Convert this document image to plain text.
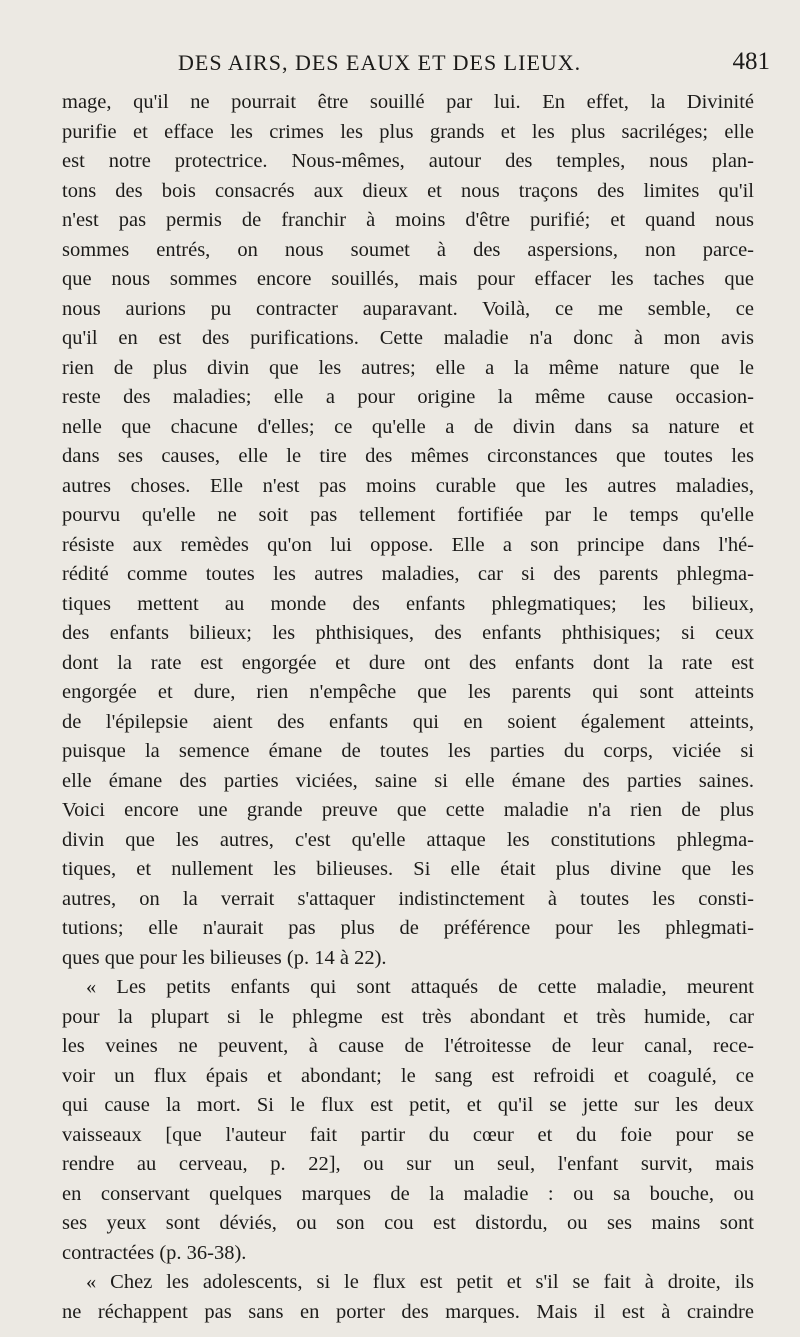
DES AIRS, DES EAUX ET DES LIEUX.	481
mage, qu'il ne pourrait être souillé par lui. En effet, la Divinité
purifie et efface les crimes les plus grands et les plus sacriléges; elle
est notre protectrice. Nous-mêmes, autour des temples, nous plan-
tons des bois consacrés aux dieux et nous traçons des limites qu'il
n'est pas permis de franchir à moins d'être purifié; et quand nous
sommes entrés, on nous soumet à des aspersions, non parce-
que nous sommes encore souillés, mais pour effacer les taches que
nous aurions pu contracter auparavant. Voilà, ce me semble, ce
qu'il en est des purifications. Cette maladie n'a donc à mon avis
rien de plus divin que les autres; elle a la même nature que le
reste des maladies; elle a pour origine la même cause occasion-
nelle que chacune d'elles; ce qu'elle a de divin dans sa nature et
dans ses causes, elle le tire des mêmes circonstances que toutes les
autres choses. Elle n'est pas moins curable que les autres maladies,
pourvu qu'elle ne soit pas tellement fortifiée par le temps qu'elle
résiste aux remèdes qu'on lui oppose. Elle a son principe dans l'hé-
rédité comme toutes les autres maladies, car si des parents phlegma-
tiques mettent au monde des enfants phlegmatiques; les bilieux,
des enfants bilieux; les phthisiques, des enfants phthisiques; si ceux
dont la rate est engorgée et dure ont des enfants dont la rate est
engorgée et dure, rien n'empêche que les parents qui sont atteints
de l'épilepsie aient des enfants qui en soient également atteints,
puisque la semence émane de toutes les parties du corps, viciée si
elle émane des parties viciées, saine si elle émane des parties saines.
Voici encore une grande preuve que cette maladie n'a rien de plus
divin que les autres, c'est qu'elle attaque les constitutions phlegma-
tiques, et nullement les bilieuses. Si elle était plus divine que les
autres, on la verrait s'attaquer indistinctement à toutes les consti-
tutions; elle n'aurait pas plus de préférence pour les phlegmati-
ques que pour les bilieuses (p. 14 à 22).
« Les petits enfants qui sont attaqués de cette maladie, meurent
pour la plupart si le phlegme est très abondant et très humide, car
les veines ne peuvent, à cause de l'étroitesse de leur canal, rece-
voir un flux épais et abondant; le sang est refroidi et coagulé, ce
qui cause la mort. Si le flux est petit, et qu'il se jette sur les deux
vaisseaux [que l'auteur fait partir du cœur et du foie pour se
rendre au cerveau, p. 22], ou sur un seul, l'enfant survit, mais
en conservant quelques marques de la maladie : ou sa bouche, ou
ses yeux sont déviés, ou son cou est distordu, ou ses mains sont
contractées (p. 36-38).
« Chez les adolescents, si le flux est petit et s'il se fait à droite, ils
ne réchappent pas sans en porter des marques. Mais il est à craindre
